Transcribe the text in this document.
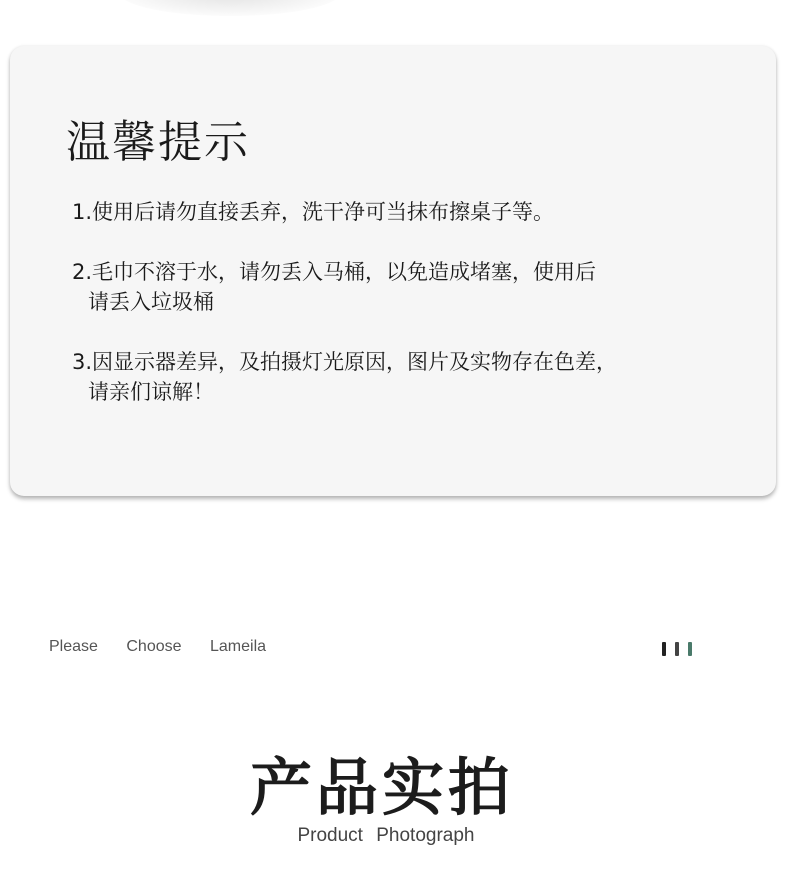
温馨提示
1.使用后请勿直接丢弃，洗干净可当抹布擦桌子等。
2.毛巾不溶于水，请勿丢入马桶，以免造成堵塞，使用后
请丢入垃圾桶
3.因显示器差异，及拍摄灯光原因，图片及实物存在色差，
请亲们谅解！
Please Choose Lameila
产品实拍
Product Photograph
